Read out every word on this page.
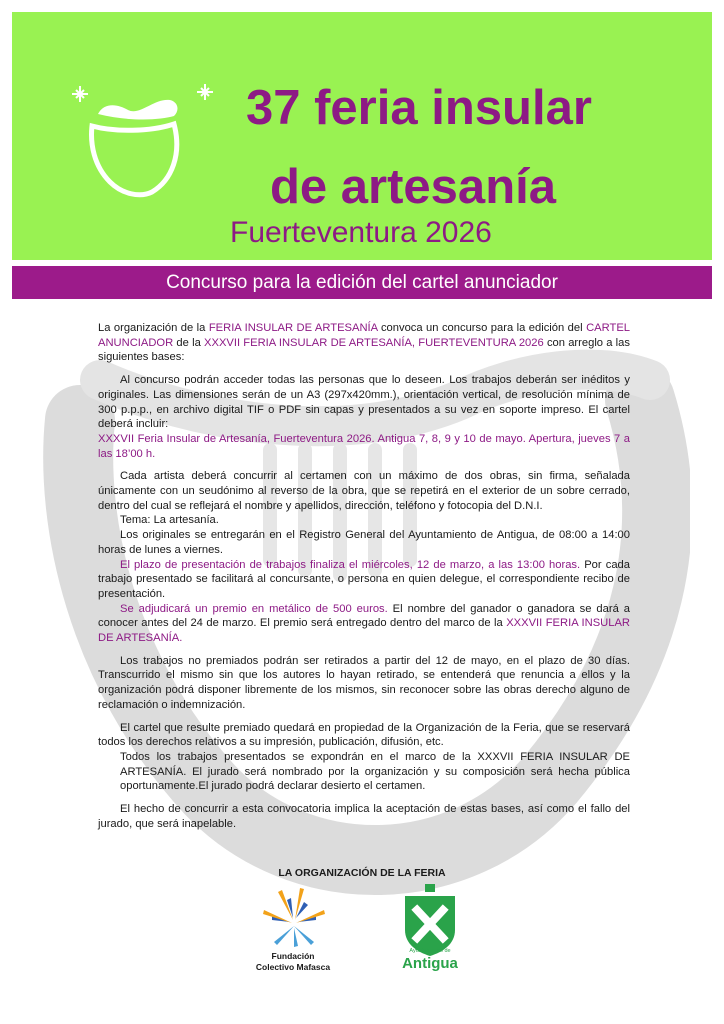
37 feria insular
de artesanía
Fuerteventura 2026
Concurso para la edición del cartel anunciador

La organización de la FERIA INSULAR DE ARTESANÍA convoca un concurso para la edición del CARTEL ANUNCIADOR de la XXXVII FERIA INSULAR DE ARTESANÍA, FUERTEVENTURA 2026 con arreglo a las siguientes bases:

Al concurso podrán acceder todas las personas que lo deseen. Los trabajos deberán ser inéditos y originales. Las dimensiones serán de un A3 (297x420mm.), orientación vertical, de resolución mínima de 300 p.p.p., en archivo digital TIF o PDF sin capas y presentados a su vez en soporte impreso. El cartel deberá incluir:

XXXVII Feria Insular de Artesanía, Fuerteventura 2026. Antigua 7, 8, 9 y 10 de mayo. Apertura, jueves 7 a las 18’00 h.

Cada artista deberá concurrir al certamen con un máximo de dos obras, sin firma, señalada únicamente con un seudónimo al reverso de la obra, que se repetirá en el exterior de un sobre cerrado, dentro del cual se reflejará el nombre y apellidos, dirección, teléfono y fotocopia del D.N.I.

Tema: La artesanía.

Los originales se entregarán en el Registro General del Ayuntamiento de Antigua, de 08:00 a 14:00 horas de lunes a viernes.

El plazo de presentación de trabajos finaliza el miércoles, 12 de marzo, a las 13:00 horas. Por cada trabajo presentado se facilitará al concursante, o persona en quien delegue, el correspondiente recibo de presentación.

Se adjudicará un premio en metálico de 500 euros. El nombre del ganador o ganadora se dará a conocer antes del 24 de marzo. El premio será entregado dentro del marco de la XXXVII FERIA INSULAR DE ARTESANÍA.

Los trabajos no premiados podrán ser retirados a partir del 12 de mayo, en el plazo de 30 días. Transcurrido el mismo sin que los autores lo hayan retirado, se entenderá que renuncia a ellos y la organización podrá disponer libremente de los mismos, sin reconocer sobre las obras derecho alguno de reclamación o indemnización.

El cartel que resulte premiado quedará en propiedad de la Organización de la Feria, que se reservará todos los derechos relativos a su impresión, publicación, difusión, etc.

Todos los trabajos presentados se expondrán en el marco de la XXXVII FERIA INSULAR DE ARTESANÍA. El jurado será nombrado por la organización y su composición será hecha pública oportunamente.El jurado podrá declarar desierto el certamen.

El hecho de concurrir a esta convocatoria implica la aceptación de estas bases, así como el fallo del jurado, que será inapelable.

LA ORGANIZACIÓN DE LA FERIA
Fundación
Colectivo Mafasca
Ayuntamiento de
Antigua
